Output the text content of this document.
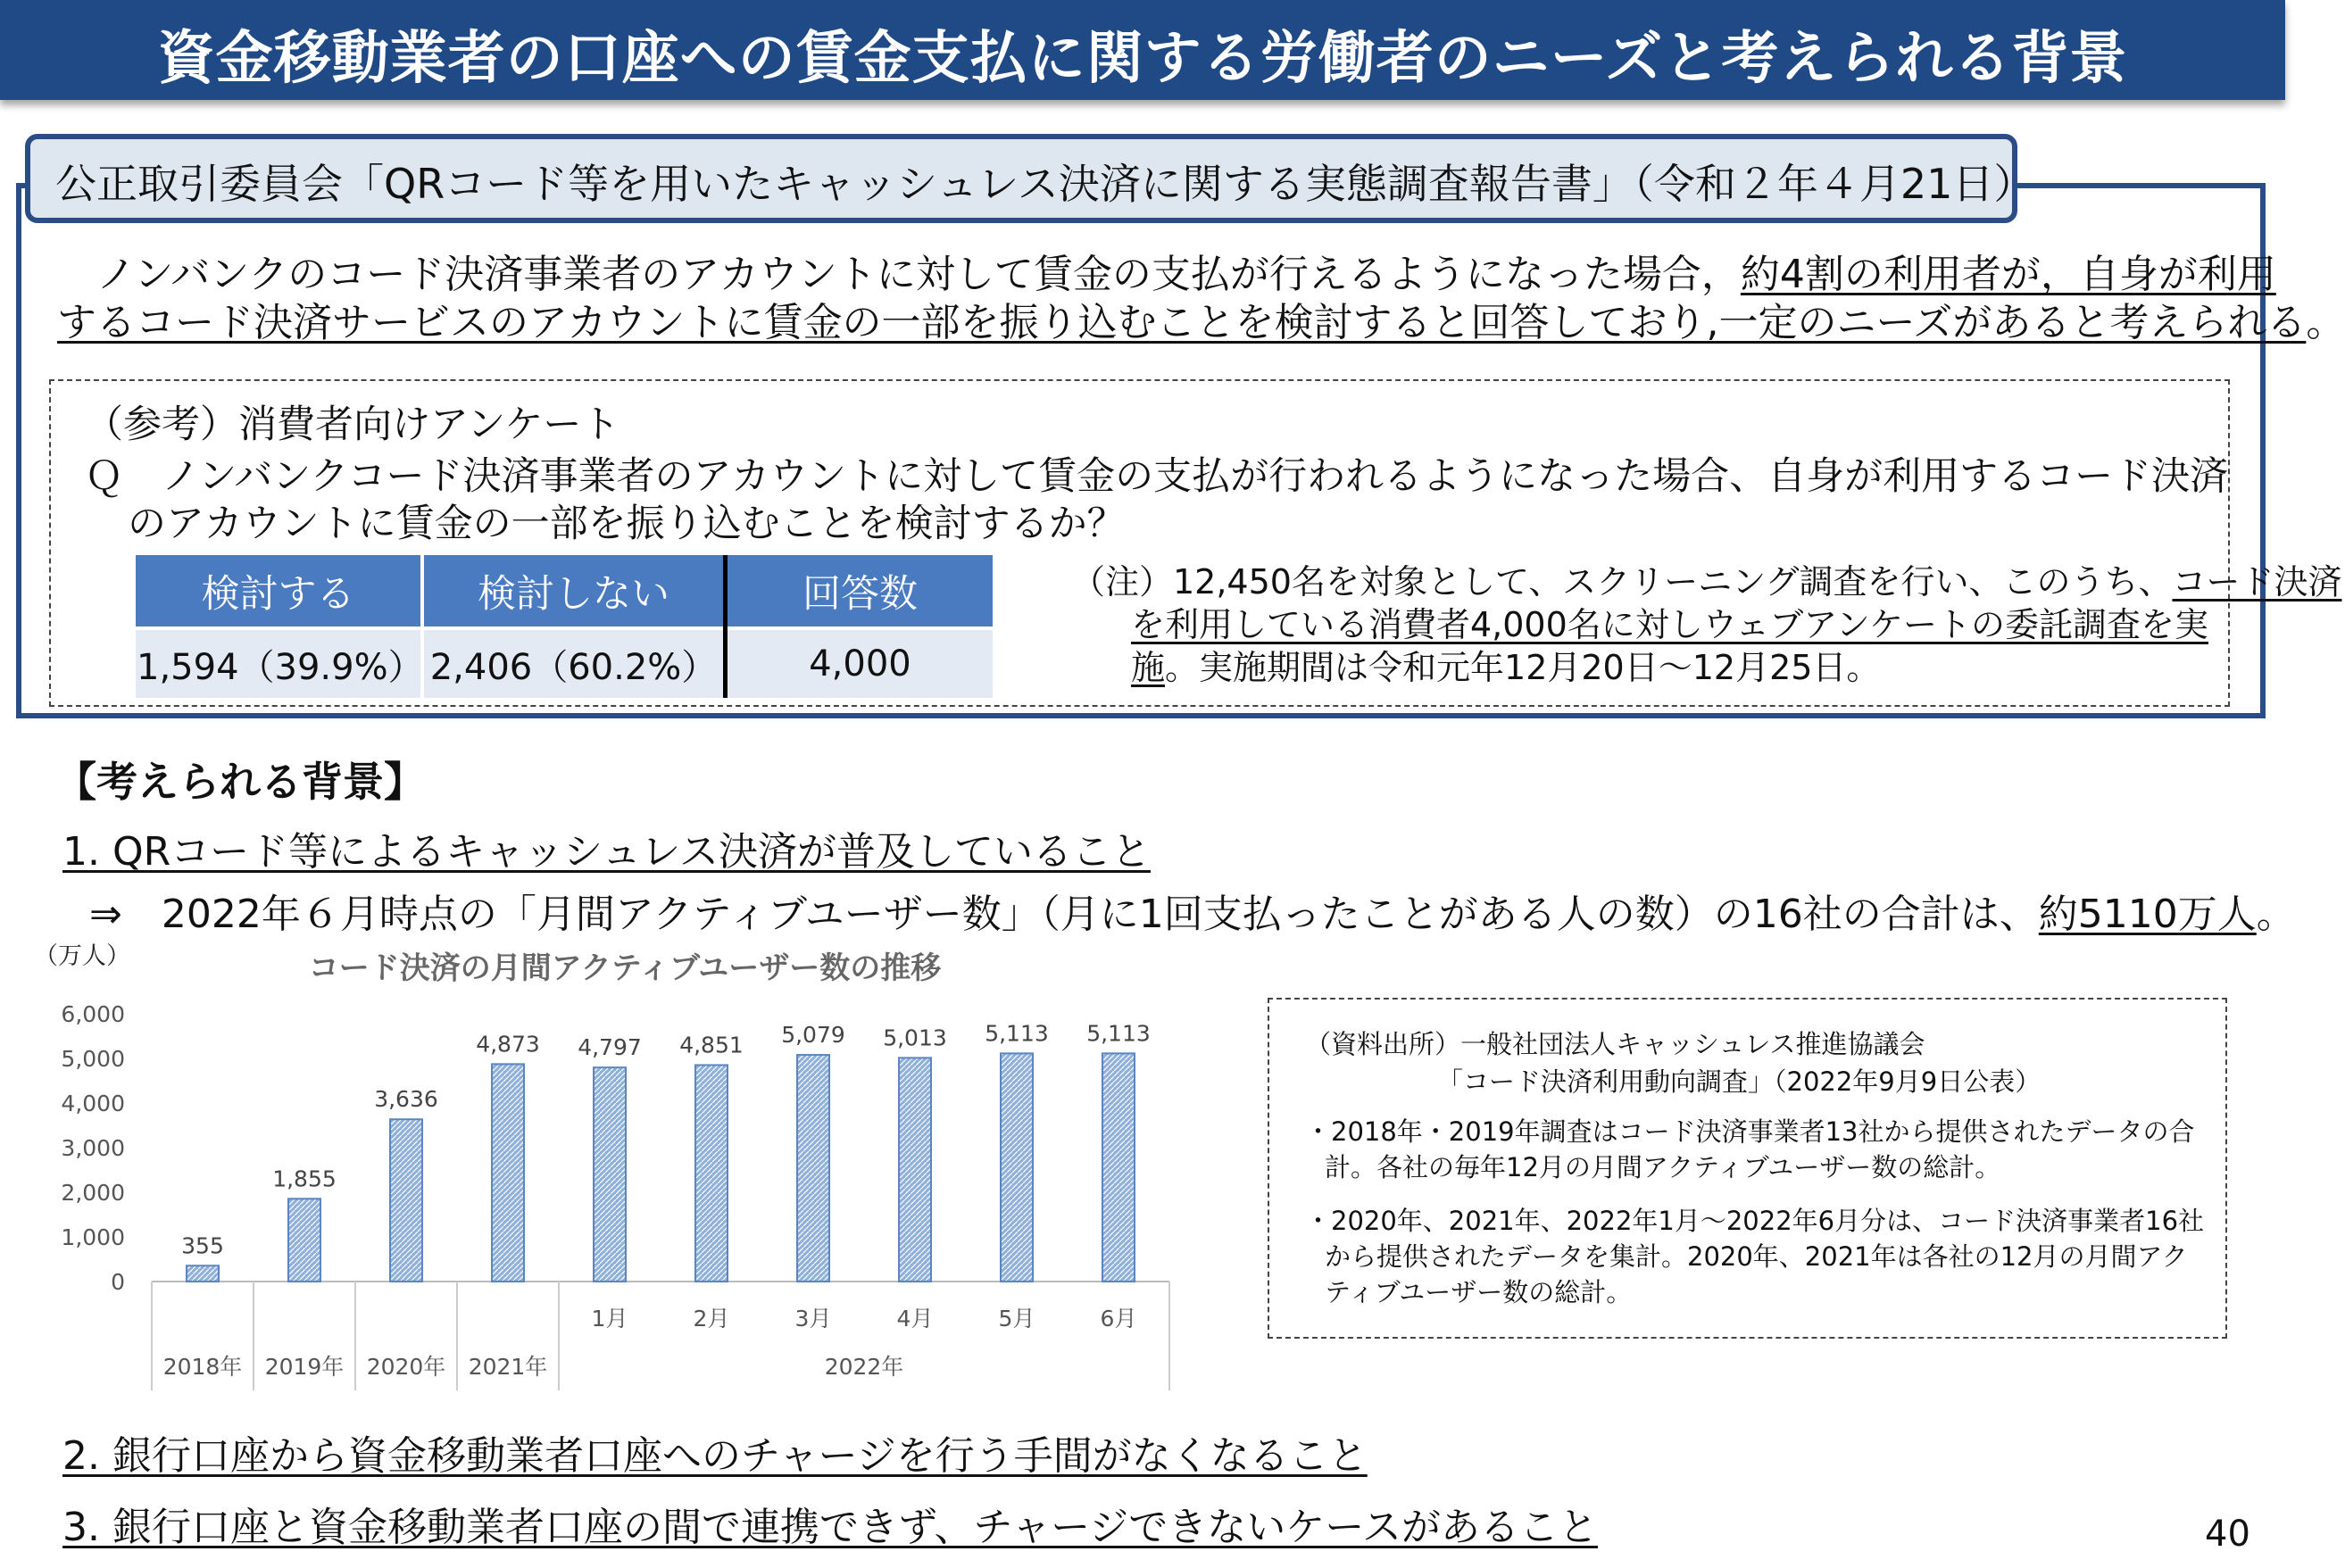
資金移動業者の口座への賃金支払に関する労働者のニーズと考えられる背景
公正取引委員会「QRコード等を用いたキャッシュレス決済に関する実態調査報告書」（令和２年４月21日）
　ノンバンクのコード決済事業者のアカウントに対して賃金の支払が行えるようになった場合，約4割の利用者が，自身が利用
するコード決済サービスのアカウントに賃金の一部を振り込むことを検討すると回答しており,一定のニーズがあると考えられる。
（参考）消費者向けアンケート
Ｑ　ノンバンクコード決済事業者のアカウントに対して賃金の支払が行われるようになった場合、自身が利用するコード決済
のアカウントに賃金の一部を振り込むことを検討するか？
検討する	検討しない	回答数
1,594（39.9%）	2,406（60.2%）	4,000
（注）12,450名を対象として、スクリーニング調査を行い、このうち、コード決済
を利用している消費者4,000名に対しウェブアンケートの委託調査を実
施。実施期間は令和元年12月20日～12月25日。
【考えられる背景】
1. QRコード等によるキャッシュレス決済が普及していること
⇒　2022年６月時点の「月間アクティブユーザー数」（月に1回支払ったことがある人の数）の16社の合計は、約5110万人。
コード決済の月間アクティブユーザー数の推移
（万人）
0
1,000
2,000
3,000
4,000
5,000
6,000
355
1,855
3,636
4,873 4,797 4,851 5,079 5,013 5,113 5,113
2018年 2019年 2020年 2021年
1月	2月	3月	4月	5月	6月
2022年
（資料出所）一般社団法人キャッシュレス推進協議会
「コード決済利用動向調査」（2022年9月9日公表）
・2018年・2019年調査はコード決済事業者13社から提供されたデータの合
計。各社の毎年12月の月間アクティブユーザー数の総計。
・2020年、2021年、2022年1月～2022年6月分は、コード決済事業者16社
から提供されたデータを集計。2020年、2021年は各社の12月の月間アク
ティブユーザー数の総計。
2. 銀行口座から資金移動業者口座へのチャージを行う手間がなくなること
3. 銀行口座と資金移動業者口座の間で連携できず、チャージできないケースがあること	40
